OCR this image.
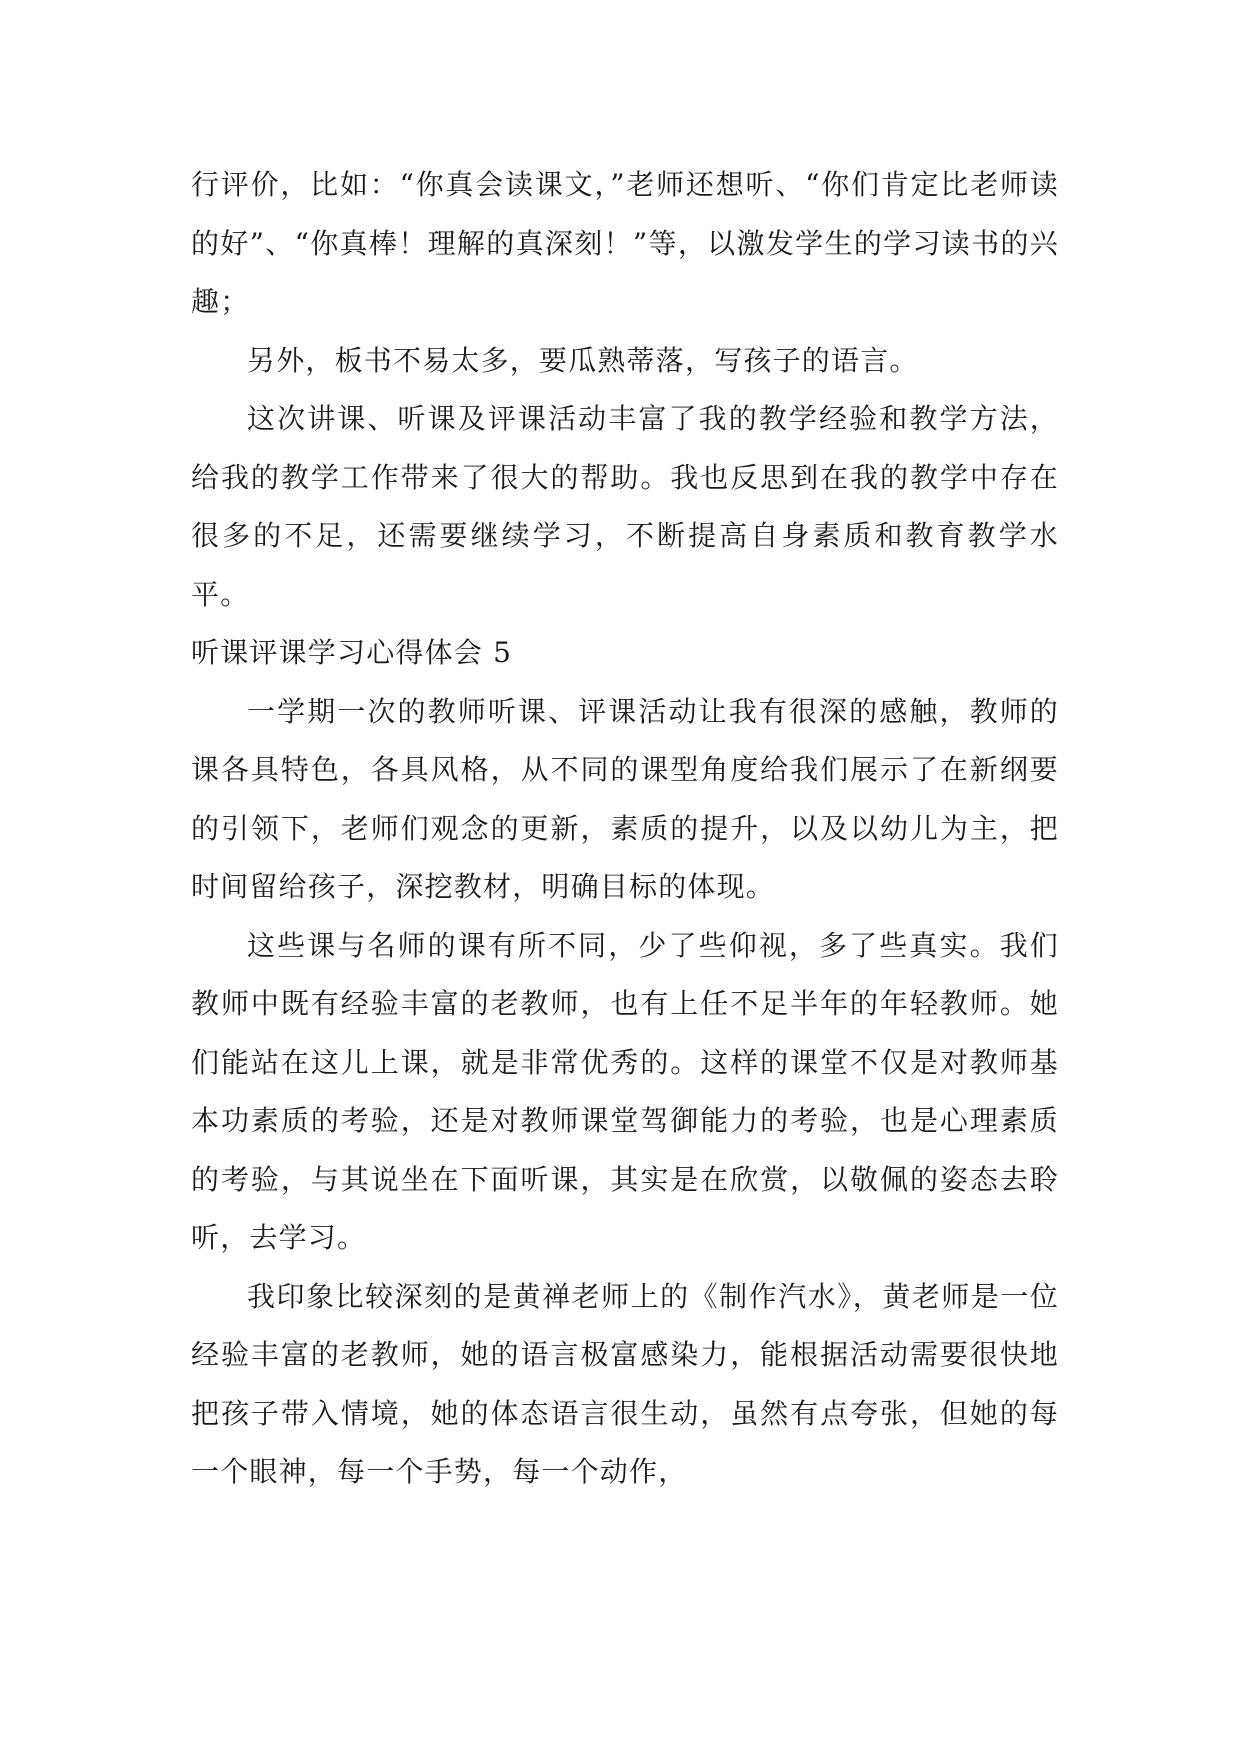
行评价，比如：“你真会读课文，”老师还想听、“你们肯定比老师读的好”、“你真棒！理解的真深刻！”等，以激发学生的学习读书的兴趣；

另外，板书不易太多，要瓜熟蒂落，写孩子的语言。

这次讲课、听课及评课活动丰富了我的教学经验和教学方法，给我的教学工作带来了很大的帮助。我也反思到在我的教学中存在很多的不足，还需要继续学习，不断提高自身素质和教育教学水平。

听课评课学习心得体会 5

一学期一次的教师听课、评课活动让我有很深的感触，教师的课各具特色，各具风格，从不同的课型角度给我们展示了在新纲要的引领下，老师们观念的更新，素质的提升，以及以幼儿为主，把时间留给孩子，深挖教材，明确目标的体现。

这些课与名师的课有所不同，少了些仰视，多了些真实。我们教师中既有经验丰富的老教师，也有上任不足半年的年轻教师。她们能站在这儿上课，就是非常优秀的。这样的课堂不仅是对教师基本功素质的考验，还是对教师课堂驾御能力的考验，也是心理素质的考验，与其说坐在下面听课，其实是在欣赏，以敬佩的姿态去聆听，去学习。

我印象比较深刻的是黄禅老师上的《制作汽水》，黄老师是一位经验丰富的老教师，她的语言极富感染力，能根据活动需要很快地把孩子带入情境，她的体态语言很生动，虽然有点夸张，但她的每一个眼神，每一个手势，每一个动作，
